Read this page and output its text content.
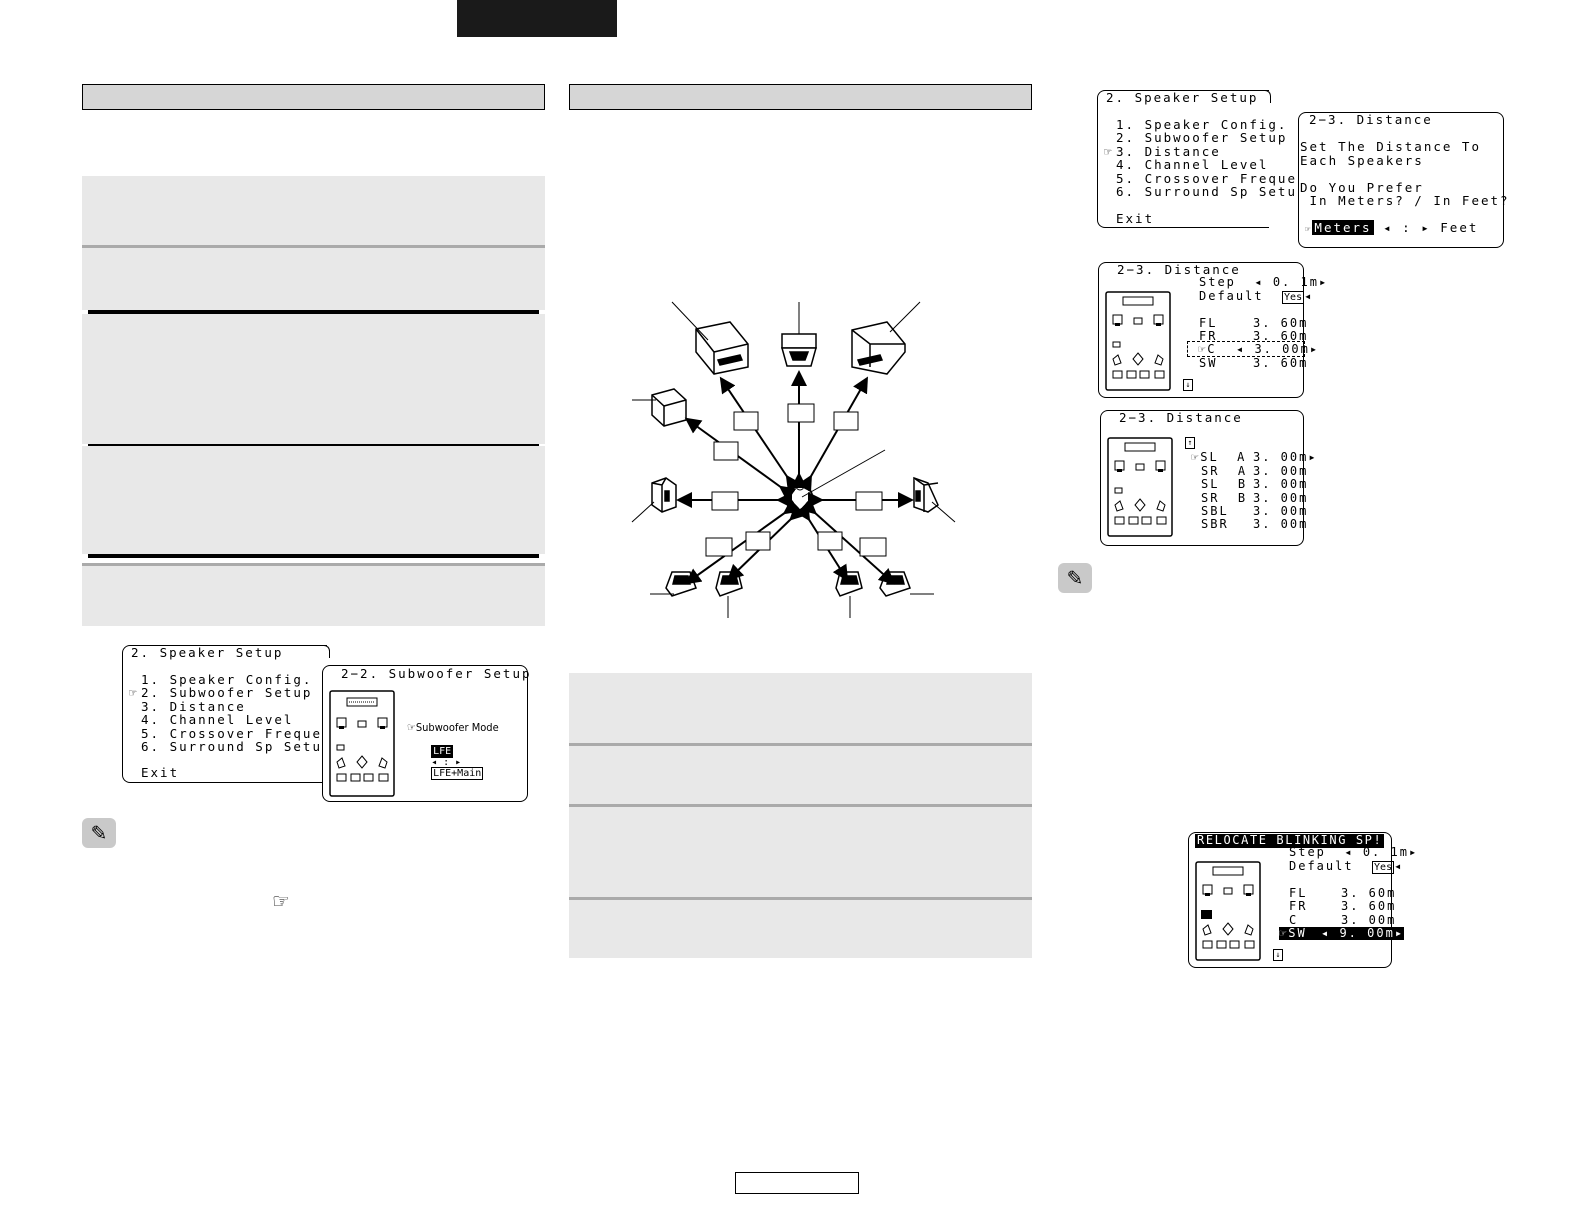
2. Speaker Setup
1. Speaker Config.
☞ 2. Subwoofer Setup
3. Distance
4. Channel Level
5. Crossover Freque
6. Surround Sp Setu
Exit
2−2. Subwoofer Setup
☞Subwoofer Mode

LFE
◂ : ▸
LFE+Main

✎
☞
2. Speaker Setup
1. Speaker Config.
2. Subwoofer Setup
☞ 3. Distance
4. Channel Level
5. Crossover Freque
6. Surround Sp Setu
Exit
2−3. Distance
Set The Distance To
Each Speakers
Do You Prefer
In Meters? / In Feet?
☞ Meters ◂ : ▸ Feet
2−3. Distance
Step  ◂ 0. 1m▸
Default Yes ◂
FL	3. 60m
FR	3. 60m
☞C ◂ 3. 00m▸
SW	3. 60m
↓
2−3. Distance
↑
☞SL  A 3. 00m▸
SR  A 3. 00m
SL  B 3. 00m
SR  B 3. 00m
SBL 3. 00m
SBR 3. 00m
✎
RELOCATE BLINKING SP!
Step  ◂ 0. 1m▸
Default Yes ◂
FL	3. 60m
FR	3. 60m
C	3. 00m
☞SW ◂ 9. 00m▸
↓
